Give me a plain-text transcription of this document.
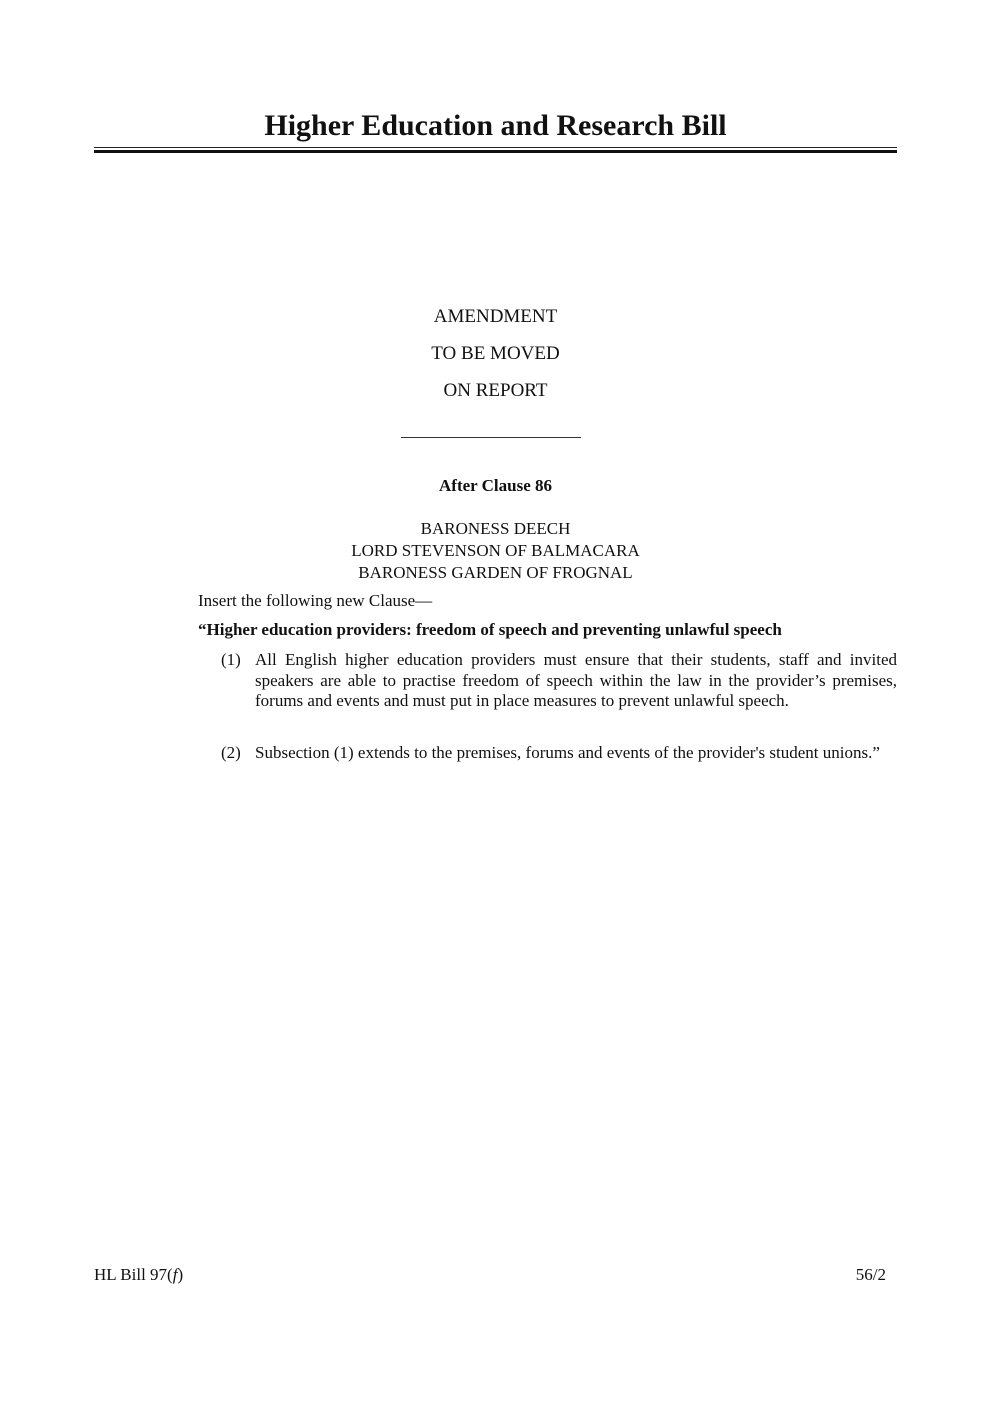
Higher Education and Research Bill
AMENDMENT
TO BE MOVED
ON REPORT
After Clause 86
BARONESS DEECH
LORD STEVENSON OF BALMACARA
BARONESS GARDEN OF FROGNAL
Insert the following new Clause—
“Higher education providers: freedom of speech and preventing unlawful speech
(1) All English higher education providers must ensure that their students, staff and invited speakers are able to practise freedom of speech within the law in the provider’s premises, forums and events and must put in place measures to prevent unlawful speech.
(2) Subsection (1) extends to the premises, forums and events of the provider's student unions.”
HL Bill 97(f)	56/2
